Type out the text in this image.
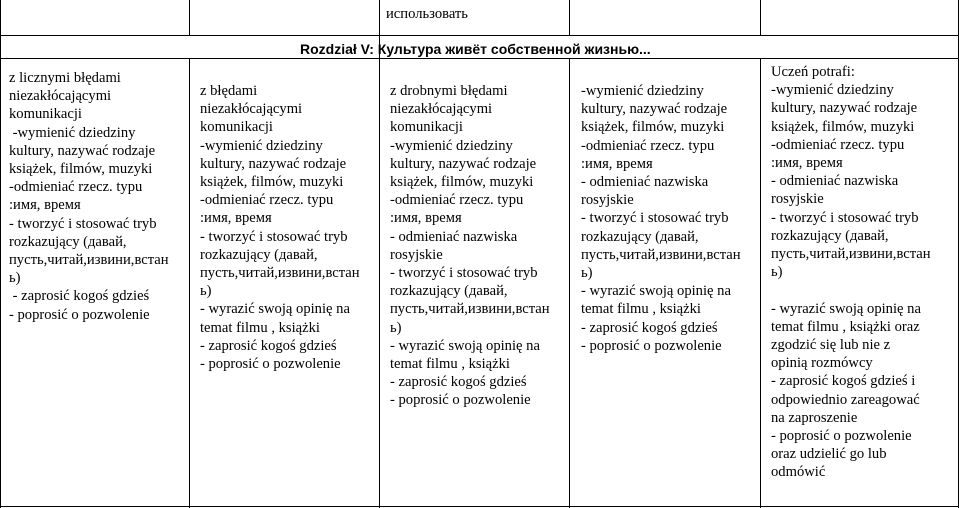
использовать
Rozdział V: Культура живёт собственной жизнью...
z licznymi błędami
niezakłócającymi
komunikacji
-wymienić dziedziny
kultury, nazywać rodzaje
książek, filmów, muzyki
-odmieniać rzecz. typu
:имя, время
- tworzyć i stosować tryb
rozkazujący (давай,
пусть,читай,извини,встан
ь)
- zaprosić kogoś gdzieś
- poprosić o pozwolenie
z błędami
niezakłócającymi
komunikacji
-wymienić dziedziny
kultury, nazywać rodzaje
książek, filmów, muzyki
-odmieniać rzecz. typu
:имя, время
- tworzyć i stosować tryb
rozkazujący (давай,
пусть,читай,извини,встан
ь)
- wyrazić swoją opinię na
temat filmu , książki
- zaprosić kogoś gdzieś
- poprosić o pozwolenie
z drobnymi błędami
niezakłócającymi
komunikacji
-wymienić dziedziny
kultury, nazywać rodzaje
książek, filmów, muzyki
-odmieniać rzecz. typu
:имя, время
- odmieniać nazwiska
rosyjskie
- tworzyć i stosować tryb
rozkazujący (давай,
пусть,читай,извини,встан
ь)
- wyrazić swoją opinię na
temat filmu , książki
- zaprosić kogoś gdzieś
- poprosić o pozwolenie
-wymienić dziedziny
kultury, nazywać rodzaje
książek, filmów, muzyki
-odmieniać rzecz. typu
:имя, время
- odmieniać nazwiska
rosyjskie
- tworzyć i stosować tryb
rozkazujący (давай,
пусть,читай,извини,встан
ь)
- wyrazić swoją opinię na
temat filmu , książki
- zaprosić kogoś gdzieś
- poprosić o pozwolenie
Uczeń potrafi:
-wymienić dziedziny
kultury, nazywać rodzaje
książek, filmów, muzyki
-odmieniać rzecz. typu
:имя, время
- odmieniać nazwiska
rosyjskie
- tworzyć i stosować tryb
rozkazujący (давай,
пусть,читай,извини,встан
ь)

- wyrazić swoją opinię na
temat filmu , książki oraz
zgodzić się lub nie z
opinią rozmówcy
- zaprosić kogoś gdzieś i
odpowiednio zareagować
na zaproszenie
- poprosić o pozwolenie
oraz udzielić go lub
odmówić
